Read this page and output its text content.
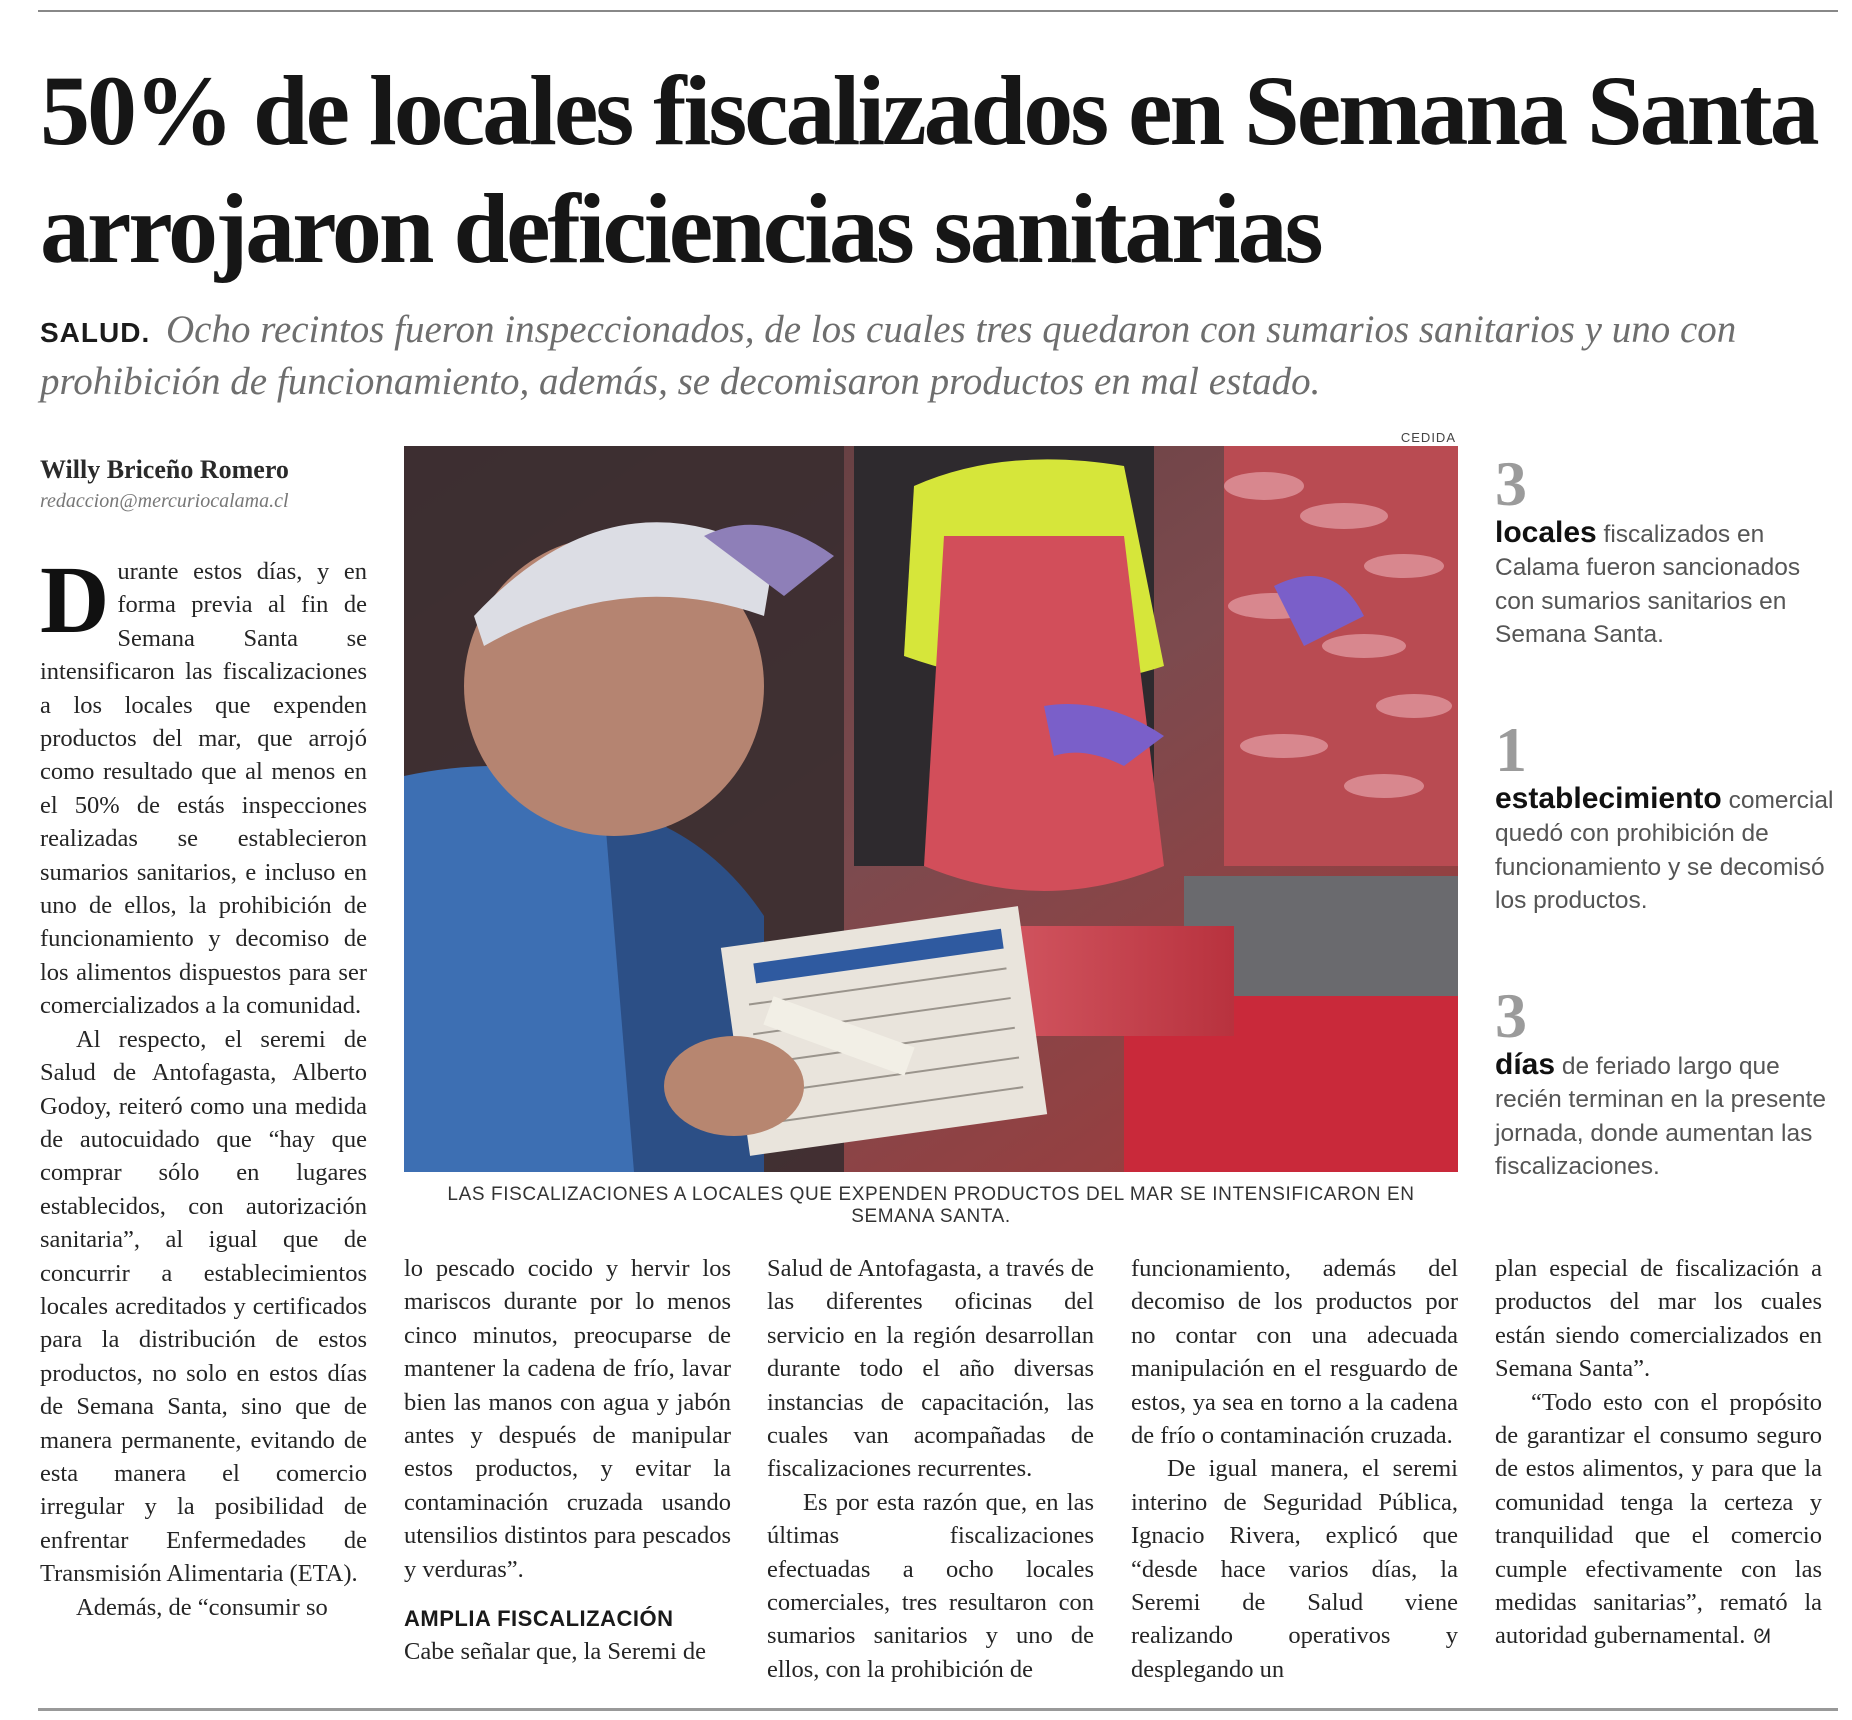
50% de locales fiscalizados en Semana Santa arrojaron deficiencias sanitarias
SALUD. Ocho recintos fueron inspeccionados, de los cuales tres quedaron con sumarios sanitarios y uno con prohibición de funcionamiento, además, se decomisaron productos en mal estado.
Willy Briceño Romero
redaccion@mercuriocalama.cl

Durante estos días, y en forma previa al fin de Semana Santa se intensificaron las fiscalizaciones a los locales que expenden productos del mar, que arrojó como resultado que al menos en el 50% de estás inspecciones realizadas se establecieron sumarios sanitarios, e incluso en uno de ellos, la prohibición de funcionamiento y decomiso de los alimentos dispuestos para ser comercializados a la comunidad.

Al respecto, el seremi de Salud de Antofagasta, Alberto Godoy, reiteró como una medida de autocuidado que “hay que comprar sólo en lugares establecidos, con autorización sanitaria”, al igual que de concurrir a establecimientos locales acreditados y certificados para la distribución de estos productos, no solo en estos días de Semana Santa, sino que de manera permanente, evitando de esta manera el comercio irregular y la posibilidad de enfrentar Enfermedades de Transmisión Alimentaria (ETA).

Además, de “consumir so

CEDIDA
LAS FISCALIZACIONES A LOCALES QUE EXPENDEN PRODUCTOS DEL MAR SE INTENSIFICARON EN SEMANA SANTA.
3
locales fiscalizados en Calama fueron sancionados con sumarios sanitarios en Semana Santa.
1
establecimiento comercial quedó con prohibición de funcionamiento y se decomisó los productos.
3
días de feriado largo que recién terminan en la presente jornada, donde aumentan las fiscalizaciones.

lo pescado cocido y hervir los mariscos durante por lo menos cinco minutos, preocuparse de mantener la cadena de frío, lavar bien las manos con agua y jabón antes y después de manipular estos productos, y evitar la contaminación cruzada usando utensilios distintos para pescados y verduras”.

AMPLIA FISCALIZACIÓN

Cabe señalar que, la Seremi de

Salud de Antofagasta, a través de las diferentes oficinas del servicio en la región desarrollan durante todo el año diversas instancias de capacitación, las cuales van acompañadas de fiscalizaciones recurrentes.

Es por esta razón que, en las últimas fiscalizaciones efectuadas a ocho locales comerciales, tres resultaron con sumarios sanitarios y uno de ellos, con la prohibición de

funcionamiento, además del decomiso de los productos por no contar con una adecuada manipulación en el resguardo de estos, ya sea en torno a la cadena de frío o contaminación cruzada.

De igual manera, el seremi interino de Seguridad Pública, Ignacio Rivera, explicó que “desde hace varios días, la Seremi de Salud viene realizando operativos y desplegando un

plan especial de fiscalización a productos del mar los cuales están siendo comercializados en Semana Santa”.

“Todo esto con el propósito de garantizar el consumo seguro de estos alimentos, y para que la comunidad tenga la certeza y tranquilidad que el comercio cumple efectivamente con las medidas sanitarias”, remató la autoridad gubernamental. ᘛ
